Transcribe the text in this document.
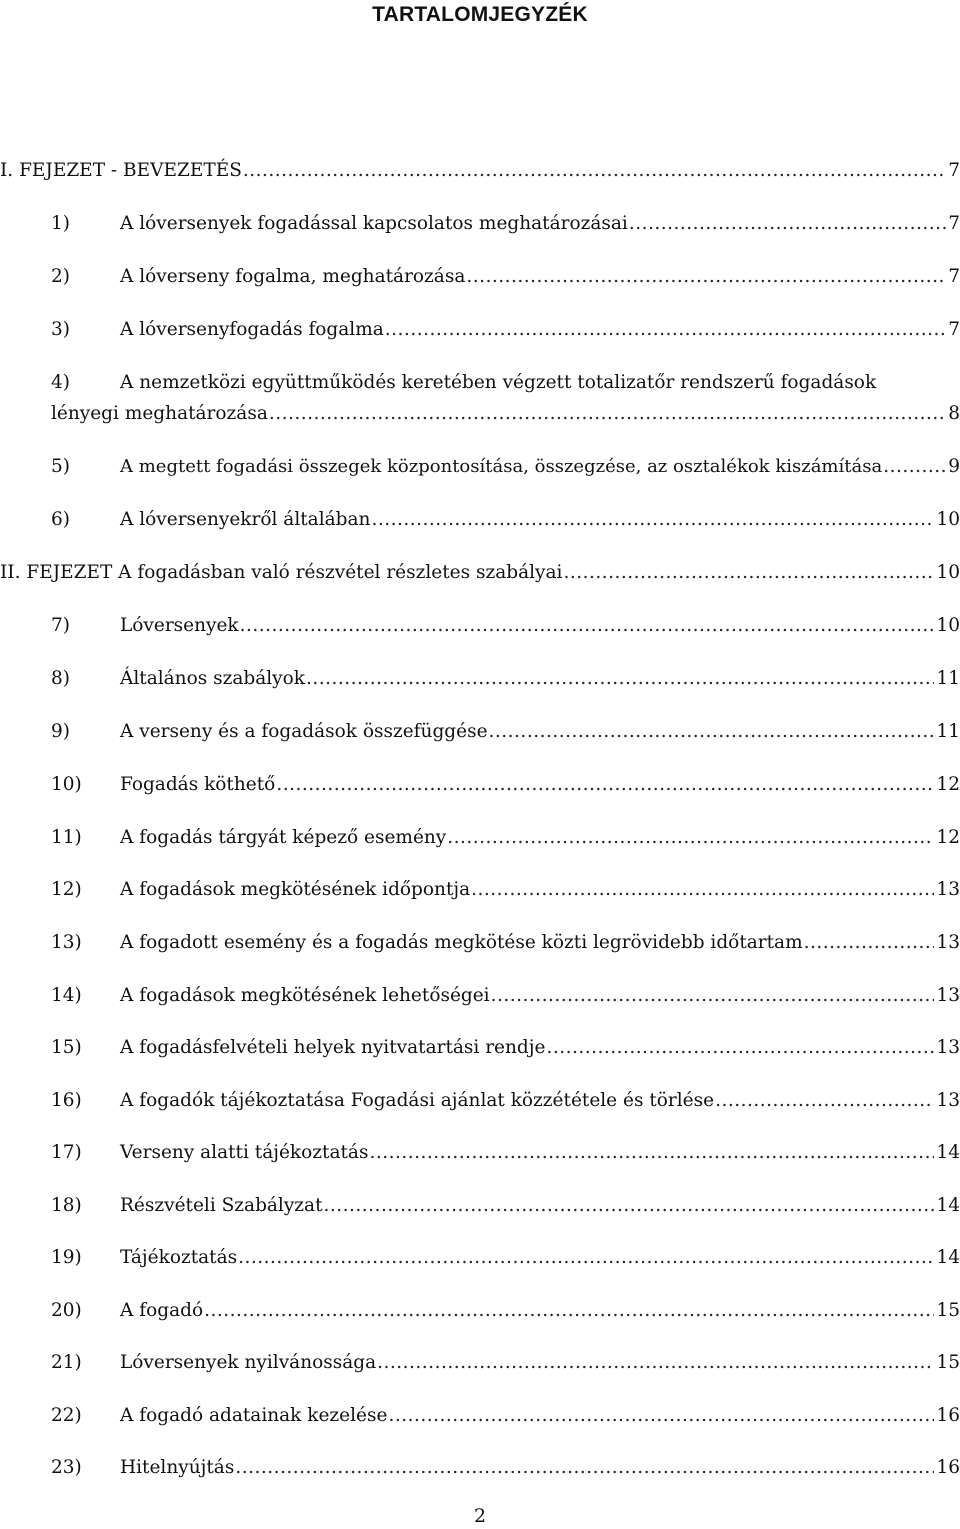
TARTALOMJEGYZÉK
I. FEJEZET - BEVEZETÉS .....	7
1)	A lóversenyek fogadással kapcsolatos meghatározásai .....	7
2)	A lóverseny fogalma, meghatározása .....	7
3)	A lóversenyfogadás fogalma .....	7
4)	A nemzetközi együttműködés keretében végzett totalizatőr rendszerű fogadások
lényegi meghatározása .....	8
5)	A megtett fogadási összegek központosítása, összegzése, az osztalékok kiszámítása .....	9
6)	A lóversenyekről általában .....	10
II. FEJEZET A fogadásban való részvétel részletes szabályai .....	10
7)	Lóversenyek .....	10
8)	Általános szabályok .....	11
9)	A verseny és a fogadások összefüggése .....	11
10)	Fogadás köthető .....	12
11)	A fogadás tárgyát képező esemény .....	12
12)	A fogadások megkötésének időpontja .....	13
13)	A fogadott esemény és a fogadás megkötése közti legrövidebb időtartam .....	13
14)	A fogadások megkötésének lehetőségei .....	13
15)	A fogadásfelvételi helyek nyitvatartási rendje .....	13
16)	A fogadók tájékoztatása Fogadási ajánlat közzététele és törlése .....	13
17)	Verseny alatti tájékoztatás .....	14
18)	Részvételi Szabályzat .....	14
19)	Tájékoztatás .....	14
20)	A fogadó .....	15
21)	Lóversenyek nyilvánossága .....	15
22)	A fogadó adatainak kezelése .....	16
23)	Hitelnyújtás .....	16
2
